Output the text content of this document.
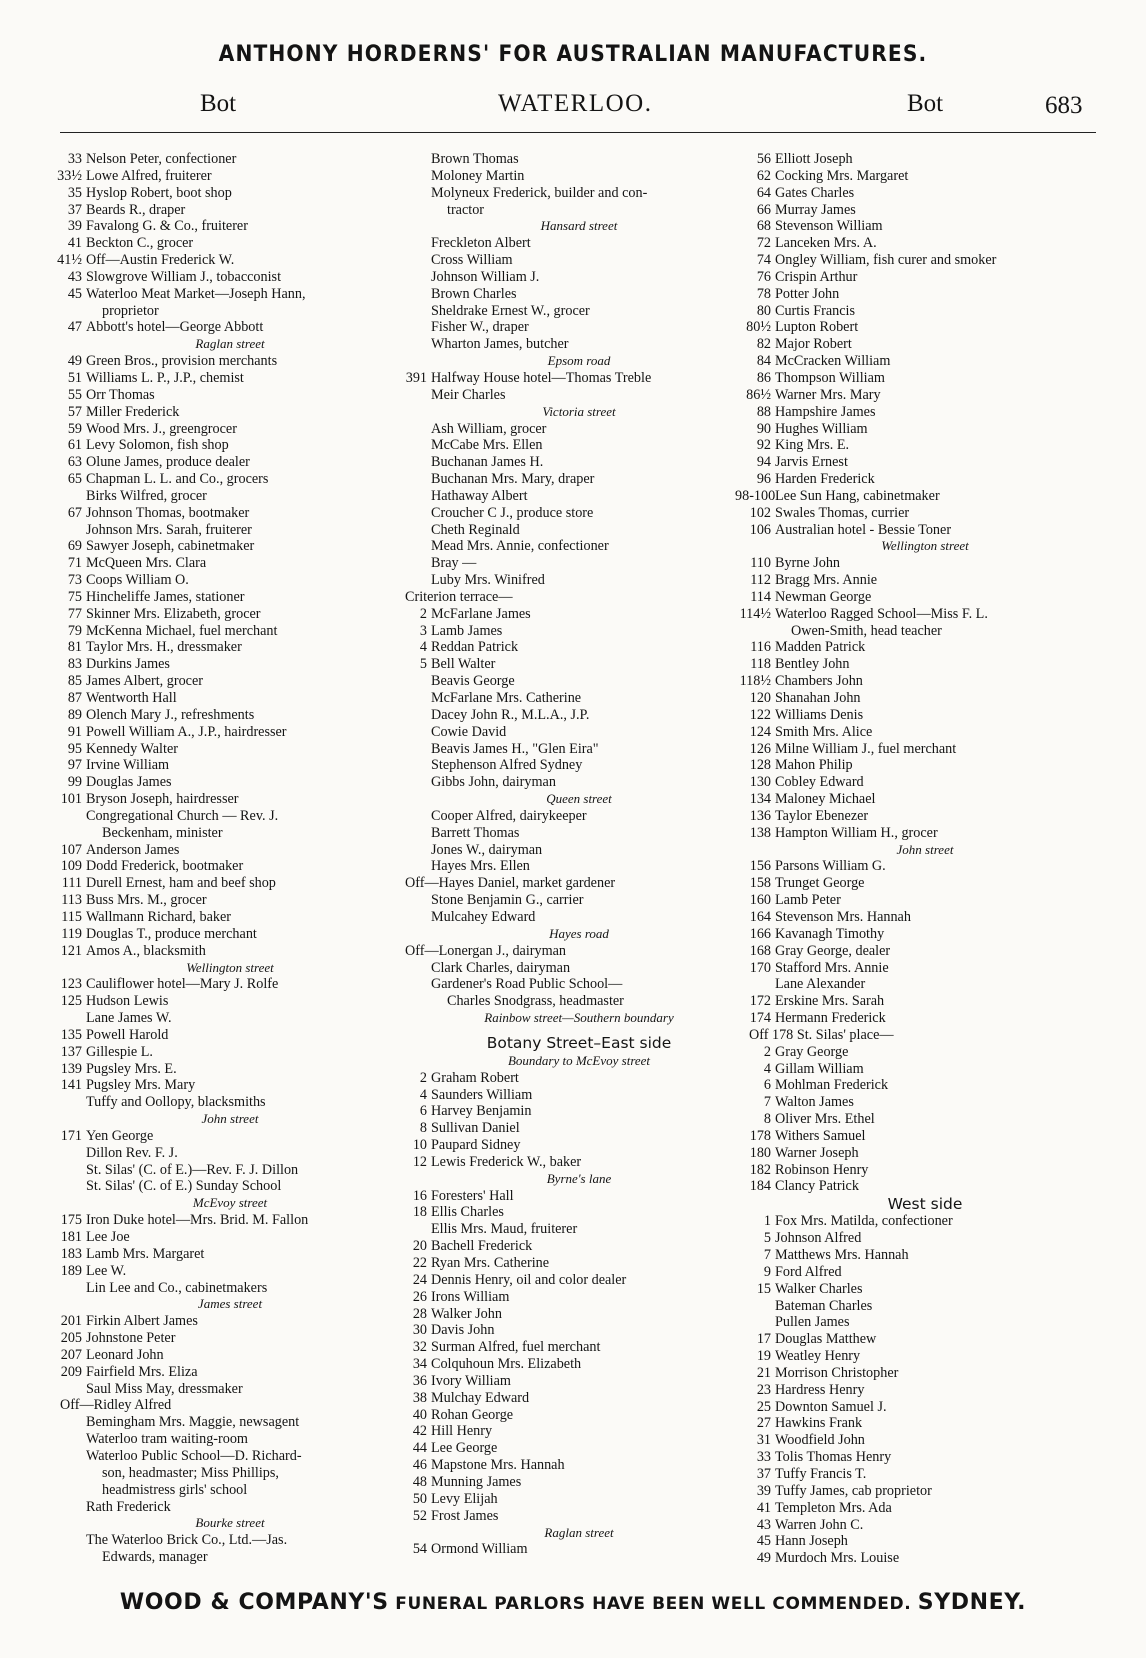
ANTHONY HORDERNS' FOR AUSTRALIAN MANUFACTURES.
Bot	WATERLOO.	Bot	683
33 Nelson Peter, confectioner
33½ Lowe Alfred, fruiterer
35 Hyslop Robert, boot shop
37 Beards R., draper
39 Favalong G. & Co., fruiterer
41 Beckton C., grocer
41½ Off—Austin Frederick W.
43 Slowgrove William J., tobacconist
45 Waterloo Meat Market—Joseph Hann,
proprietor
47 Abbott's hotel—George Abbott
Raglan street
49 Green Bros., provision merchants
51 Williams L. P., J.P., chemist
55 Orr Thomas
57 Miller Frederick
59 Wood Mrs. J., greengrocer
61 Levy Solomon, fish shop
63 Olune James, produce dealer
65 Chapman L. L. and Co., grocers
Birks Wilfred, grocer
67 Johnson Thomas, bootmaker
Johnson Mrs. Sarah, fruiterer
69 Sawyer Joseph, cabinetmaker
71 McQueen Mrs. Clara
73 Coops William O.
75 Hincheliffe James, stationer
77 Skinner Mrs. Elizabeth, grocer
79 McKenna Michael, fuel merchant
81 Taylor Mrs. H., dressmaker
83 Durkins James
85 James Albert, grocer
87 Wentworth Hall
89 Olench Mary J., refreshments
91 Powell William A., J.P., hairdresser
95 Kennedy Walter
97 Irvine William
99 Douglas James
101 Bryson Joseph, hairdresser
Congregational Church — Rev. J.
Beckenham, minister
107 Anderson James
109 Dodd Frederick, bootmaker
111 Durell Ernest, ham and beef shop
113 Buss Mrs. M., grocer
115 Wallmann Richard, baker
119 Douglas T., produce merchant
121 Amos A., blacksmith
Wellington street
123 Cauliflower hotel—Mary J. Rolfe
125 Hudson Lewis
Lane James W.
135 Powell Harold
137 Gillespie L.
139 Pugsley Mrs. E.
141 Pugsley Mrs. Mary
Tuffy and Oollopy, blacksmiths
John street
171 Yen George
Dillon Rev. F. J.
St. Silas' (C. of E.)—Rev. F. J. Dillon
St. Silas' (C. of E.) Sunday School
McEvoy street
175 Iron Duke hotel—Mrs. Brid. M. Fallon
181 Lee Joe
183 Lamb Mrs. Margaret
189 Lee W.
Lin Lee and Co., cabinetmakers
James street
201 Firkin Albert James
205 Johnstone Peter
207 Leonard John
209 Fairfield Mrs. Eliza
Saul Miss May, dressmaker
Off—Ridley Alfred
Bemingham Mrs. Maggie, newsagent
Waterloo tram waiting-room
Waterloo Public School—D. Richard-
son, headmaster; Miss Phillips,
headmistress girls' school
Rath Frederick
Bourke street
The Waterloo Brick Co., Ltd.—Jas.
Edwards, manager
Brown Thomas
Moloney Martin
Molyneux Frederick, builder and con-
tractor
Hansard street
Freckleton Albert
Cross William
Johnson William J.
Brown Charles
Sheldrake Ernest W., grocer
Fisher W., draper
Wharton James, butcher
Epsom road
391 Halfway House hotel—Thomas Treble
Meir Charles
Victoria street
Ash William, grocer
McCabe Mrs. Ellen
Buchanan James H.
Buchanan Mrs. Mary, draper
Hathaway Albert
Croucher C J., produce store
Cheth Reginald
Mead Mrs. Annie, confectioner
Bray —
Luby Mrs. Winifred
Criterion terrace—
2 McFarlane James
3 Lamb James
4 Reddan Patrick
5 Bell Walter
Beavis George
McFarlane Mrs. Catherine
Dacey John R., M.L.A., J.P.
Cowie David
Beavis James H., "Glen Eira"
Stephenson Alfred Sydney
Gibbs John, dairyman
Queen street
Cooper Alfred, dairykeeper
Barrett Thomas
Jones W., dairyman
Hayes Mrs. Ellen
Off—Hayes Daniel, market gardener
Stone Benjamin G., carrier
Mulcahey Edward
Hayes road
Off—Lonergan J., dairyman
Clark Charles, dairyman
Gardener's Road Public School—
Charles Snodgrass, headmaster
Rainbow street—Southern boundary
Botany Street–East side
Boundary to McEvoy street
2 Graham Robert
4 Saunders William
6 Harvey Benjamin
8 Sullivan Daniel
10 Paupard Sidney
12 Lewis Frederick W., baker
Byrne's lane
16 Foresters' Hall
18 Ellis Charles
Ellis Mrs. Maud, fruiterer
20 Bachell Frederick
22 Ryan Mrs. Catherine
24 Dennis Henry, oil and color dealer
26 Irons William
28 Walker John
30 Davis John
32 Surman Alfred, fuel merchant
34 Colquhoun Mrs. Elizabeth
36 Ivory William
38 Mulchay Edward
40 Rohan George
42 Hill Henry
44 Lee George
46 Mapstone Mrs. Hannah
48 Munning James
50 Levy Elijah
52 Frost James
Raglan street
54 Ormond William
56 Elliott Joseph
62 Cocking Mrs. Margaret
64 Gates Charles
66 Murray James
68 Stevenson William
72 Lanceken Mrs. A.
74 Ongley William, fish curer and smoker
76 Crispin Arthur
78 Potter John
80 Curtis Francis
80½ Lupton Robert
82 Major Robert
84 McCracken William
86 Thompson William
86½ Warner Mrs. Mary
88 Hampshire James
90 Hughes William
92 King Mrs. E.
94 Jarvis Ernest
96 Harden Frederick
98-100 Lee Sun Hang, cabinetmaker
102 Swales Thomas, currier
106 Australian hotel - Bessie Toner
Wellington street
110 Byrne John
112 Bragg Mrs. Annie
114 Newman George
114½ Waterloo Ragged School—Miss F. L.
Owen-Smith, head teacher
116 Madden Patrick
118 Bentley John
118½ Chambers John
120 Shanahan John
122 Williams Denis
124 Smith Mrs. Alice
126 Milne William J., fuel merchant
128 Mahon Philip
130 Cobley Edward
134 Maloney Michael
136 Taylor Ebenezer
138 Hampton William H., grocer
John street
156 Parsons William G.
158 Trunget George
160 Lamb Peter
164 Stevenson Mrs. Hannah
166 Kavanagh Timothy
168 Gray George, dealer
170 Stafford Mrs. Annie
Lane Alexander
172 Erskine Mrs. Sarah
174 Hermann Frederick
Off 178 St. Silas' place—
2 Gray George
4 Gillam William
6 Mohlman Frederick
7 Walton James
8 Oliver Mrs. Ethel
178 Withers Samuel
180 Warner Joseph
182 Robinson Henry
184 Clancy Patrick
West side
1 Fox Mrs. Matilda, confectioner
5 Johnson Alfred
7 Matthews Mrs. Hannah
9 Ford Alfred
15 Walker Charles
Bateman Charles
Pullen James
17 Douglas Matthew
19 Weatley Henry
21 Morrison Christopher
23 Hardress Henry
25 Downton Samuel J.
27 Hawkins Frank
31 Woodfield John
33 Tolis Thomas Henry
37 Tuffy Francis T.
39 Tuffy James, cab proprietor
41 Templeton Mrs. Ada
43 Warren John C.
45 Hann Joseph
49 Murdoch Mrs. Louise
WOOD & COMPANY'S FUNERAL PARLORS HAVE BEEN WELL COMMENDED. SYDNEY.
